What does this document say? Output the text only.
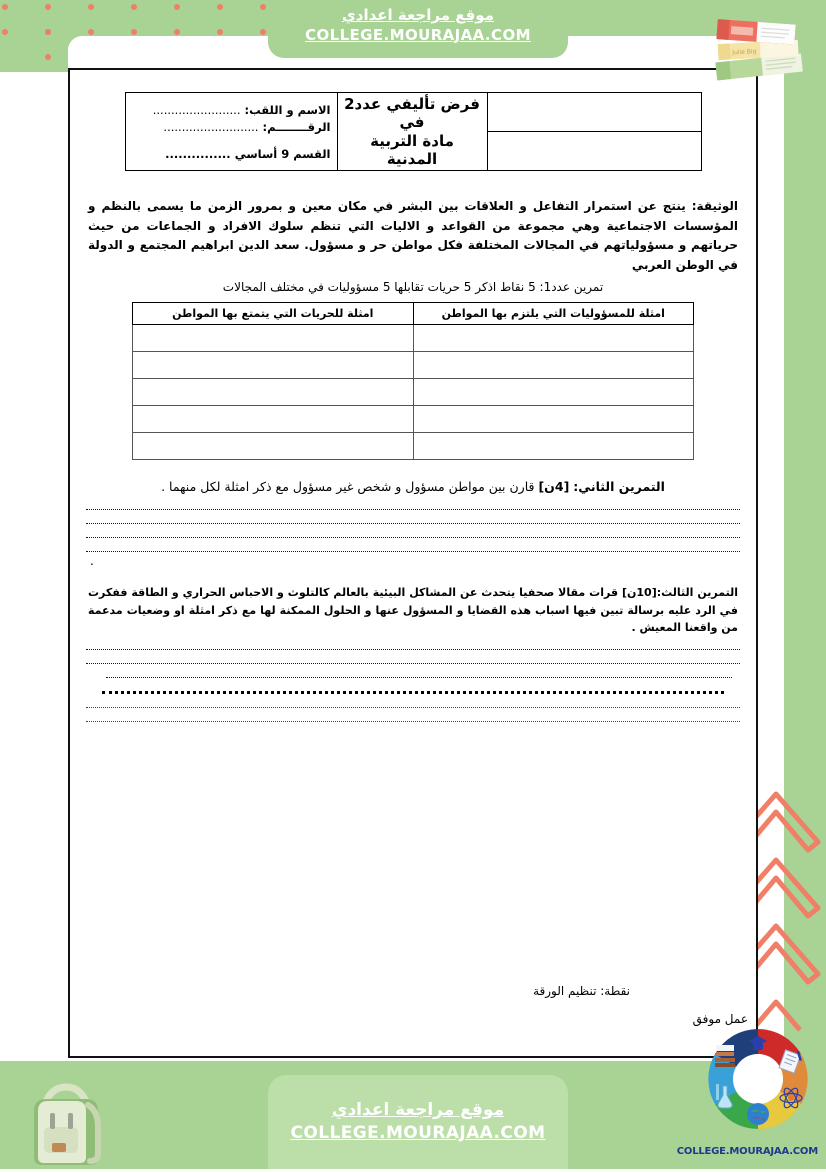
موقع مراجعة اعدادي
COLLEGE.MOURAJAA.COM
Julie Big

فرض تأليفي عدد2
في
مادة التربية المدنية

الاسم و اللقب: ........................
الرقــــــــم: ..........................
القسم 9 أساسي ...............

الوثيقة: ينتج عن استمرار التفاعل و العلاقات بين البشر في مكان معين و بمرور الزمن ما يسمى بالنظم و المؤسسات الاجتماعية وهي مجموعة من القواعد و الاليات التي تنظم سلوك الافراد و الجماعات من حيث حرياتهم و مسؤولياتهم في المجالات المختلفة فكل مواطن حر و مسؤول. سعد الدين ابراهيم المجتمع و الدولة في الوطن العربي
تمرين عدد1: 5 نقاط اذكر 5 حريات تقابلها 5 مسؤوليات في مختلف المجالات
امثلة للمسؤوليات التي يلتزم بها المواطن	امثلة للحريات التي يتمتع بها المواطن

التمرين الثاني: [4ن] قارن بين مواطن مسؤول و شخص غير مسؤول مع ذكر امثلة لكل منهما .
.
التمرين الثالث:[10ن] قرات مقالا صحفيا يتحدث عن المشاكل البيئية بالعالم كالتلوث و الاحباس الحراري و الطاقة ففكرت في الرد عليه برسالة تبين فيها اسباب هذه القضايا و المسؤول عنها و الحلول الممكنة لها مع ذكر امثلة او وضعيات مدعمة من واقعنا المعيش .
نقطة: تنظيم الورقة
عمل موفق
موقع مراجعة اعدادي
COLLEGE.MOURAJAA.COM
COLLEGE.MOURAJAA.COM
